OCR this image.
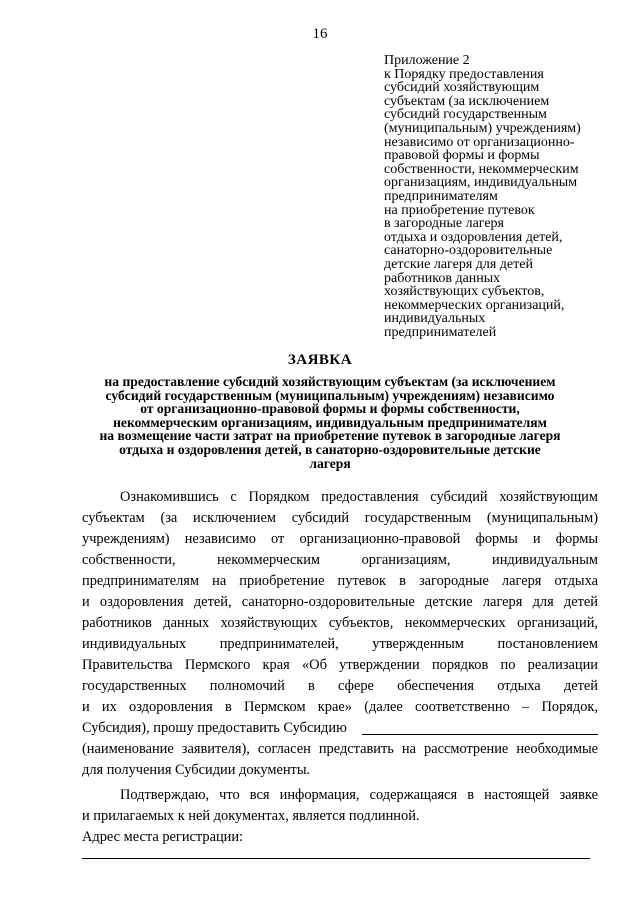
16
Приложение 2
к Порядку предоставления
субсидий хозяйствующим
субъектам (за исключением
субсидий государственным
(муниципальным) учреждениям)
независимо от организационно-
правовой формы и формы
собственности, некоммерческим
организациям, индивидуальным
предпринимателям
на приобретение путевок
в загородные лагеря
отдыха и оздоровления детей,
санаторно-оздоровительные
детские лагеря для детей
работников данных
хозяйствующих субъектов,
некоммерческих организаций,
индивидуальных
предпринимателей
ЗАЯВКА
на предоставление субсидий хозяйствующим субъектам (за исключением
субсидий государственным (муниципальным) учреждениям) независимо
от организационно-правовой формы и формы собственности,
некоммерческим организациям, индивидуальным предпринимателям
на возмещение части затрат на приобретение путевок в загородные лагеря
отдыха и оздоровления детей, в санаторно-оздоровительные детские
лагеря
Ознакомившись с Порядком предоставления субсидий хозяйствующим
субъектам (за исключением субсидий государственным (муниципальным)
учреждениям) независимо от организационно-правовой формы и формы
собственности, некоммерческим организациям, индивидуальным
предпринимателям на приобретение путевок в загородные лагеря отдыха
и оздоровления детей, санаторно-оздоровительные детские лагеря для детей
работников данных хозяйствующих субъектов, некоммерческих организаций,
индивидуальных предпринимателей, утвержденным постановлением
Правительства Пермского края «Об утверждении порядков по реализации
государственных полномочий в сфере обеспечения отдыха детей
и их оздоровления в Пермском крае» (далее соответственно – Порядок,
Субсидия), прошу предоставить Субсидию
(наименование заявителя), согласен представить на рассмотрение необходимые
для получения Субсидии документы.
Подтверждаю, что вся информация, содержащаяся в настоящей заявке
и прилагаемых к ней документах, является подлинной.
Адрес места регистрации:
